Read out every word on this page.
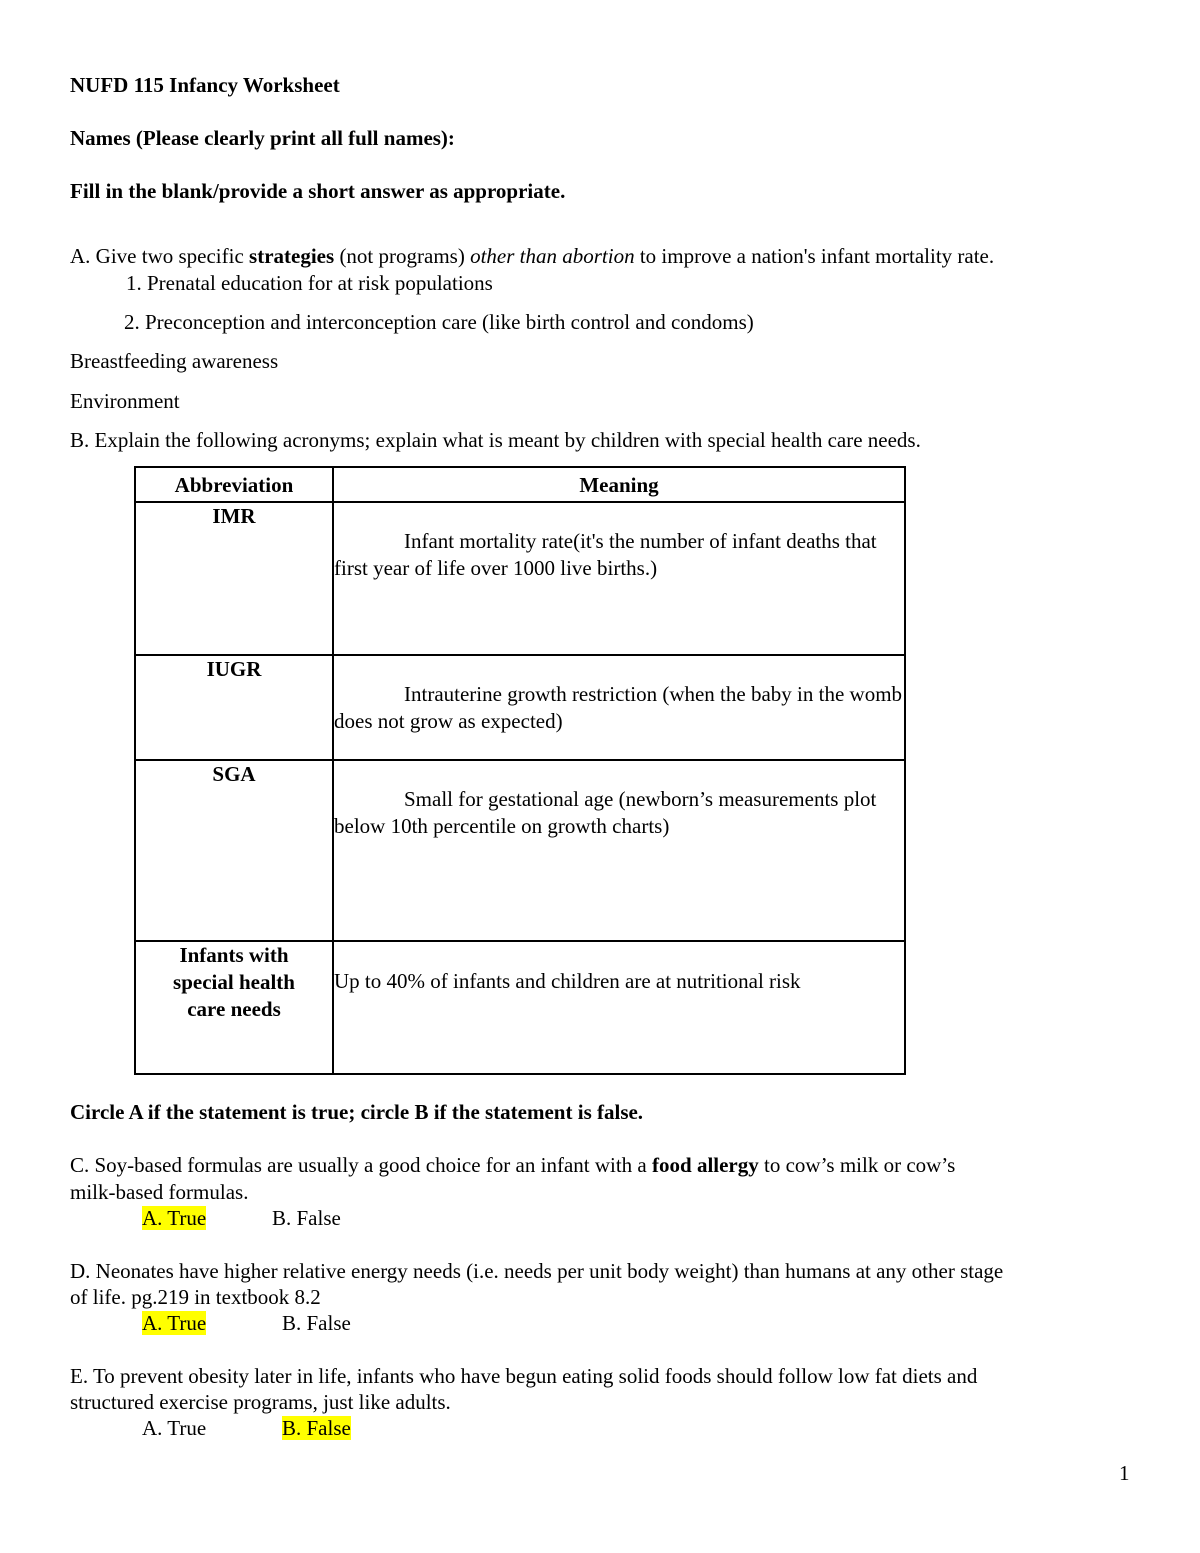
NUFD 115 Infancy Worksheet
Names (Please clearly print all full names):
Fill in the blank/provide a short answer as appropriate.
A. Give two specific strategies (not programs) other than abortion to improve a nation's infant mortality rate.
1. Prenatal education for at risk populations
2. Preconception and interconception care (like birth control and condoms)
Breastfeeding awareness
Environment
B. Explain the following acronyms; explain what is meant by children with special health care needs.
Abbreviation	Meaning
IMR	Infant mortality rate(it's the number of infant deaths that first year of life over 1000 live births.)

IUGR	Intrauterine growth restriction (when the baby in the womb does not grow as expected)

SGA	Small for gestational age (newborn’s measurements plot below 10th percentile on growth charts)

Infants with special health care needs	Up to 40% of infants and children are at nutritional risk
Circle A if the statement is true; circle B if the statement is false.
C. Soy-based formulas are usually a good choice for an infant with a food allergy to cow’s milk or cow’s
milk-based formulas.
A. True	B. False
D. Neonates have higher relative energy needs (i.e. needs per unit body weight) than humans at any other stage
of life. pg.219 in textbook 8.2
A. True	B. False
E. To prevent obesity later in life, infants who have begun eating solid foods should follow low fat diets and
structured exercise programs, just like adults.
A. True	B. False
1
